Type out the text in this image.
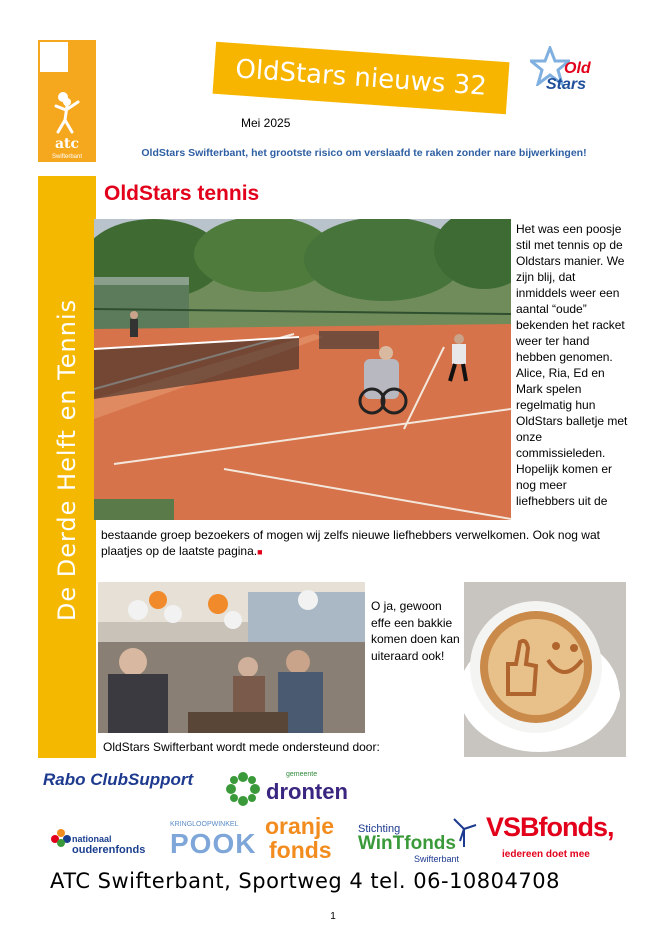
atc
Swifterbant
De Derde Helft en Tennis
OldStars nieuws 32
Mei 2025
Old
Stars
OldStars Swifterbant, het grootste risico om verslaafd te raken zonder nare bijwerkingen!
OldStars tennis
Het was een poosje stil met tennis op de Oldstars manier. We zijn blij, dat inmiddels weer een aantal “oude” bekenden het racket weer ter hand hebben genomen. Alice, Ria, Ed en Mark spelen regelmatig hun OldStars balletje met onze commissieleden. Hopelijk komen er nog meer liefhebbers uit de
bestaande groep bezoekers of mogen wij zelfs nieuwe liefhebbers verwelkomen. Ook nog wat plaatjes op de laatste pagina.■
O ja, gewoon effe een bakkie komen doen kan uiteraard ook!
OldStars Swifterbant wordt mede ondersteund door:
Rabo ClubSupport	gemeente
dronten
nationaal
ouderenfonds
KRINGLOOPWINKEL
POOK
oranje
fonds
Stichting
WinTfonds
Swifterbant
VSBfonds,
iedereen doet mee
ATC Swifterbant, Sportweg 4 tel. 06-10804708
1
